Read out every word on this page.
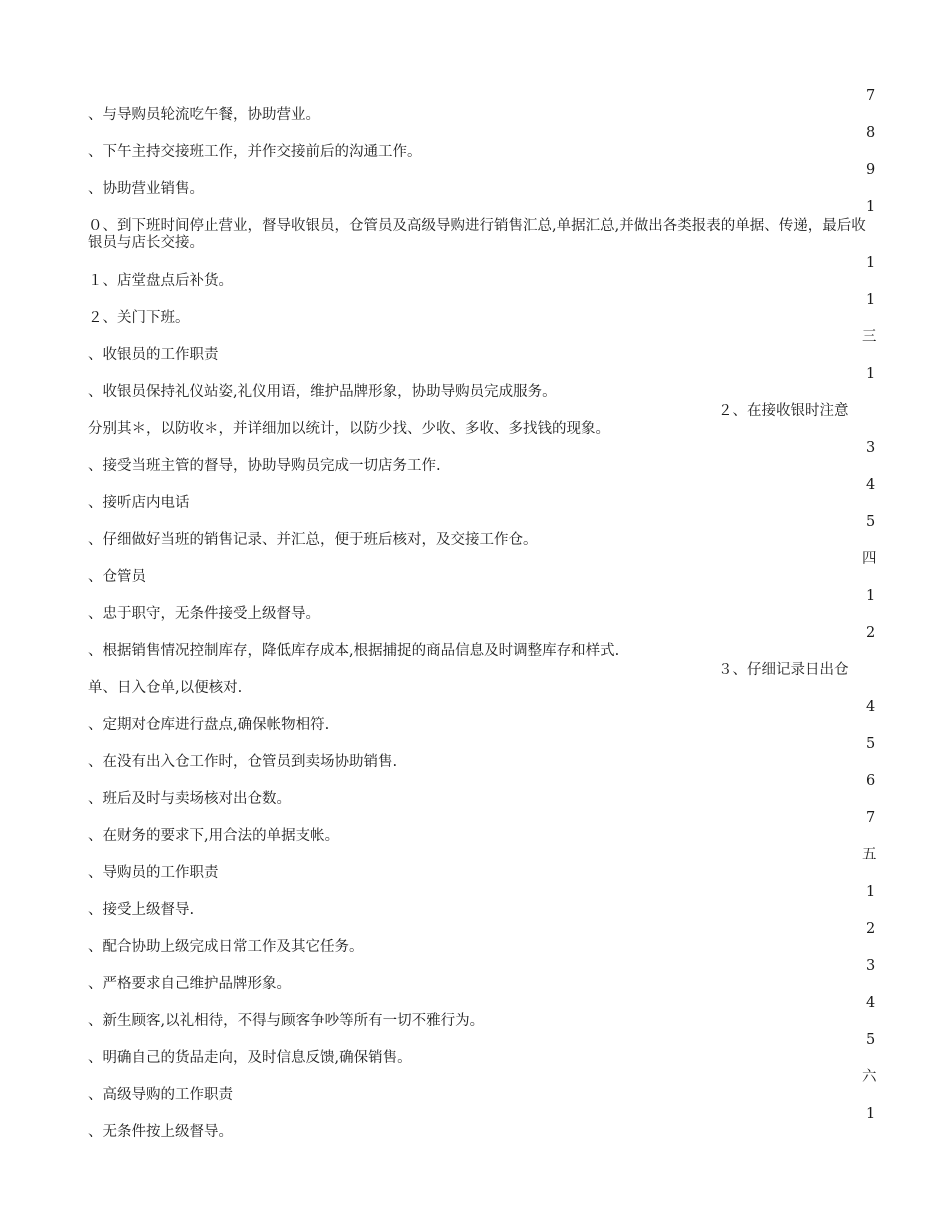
、与导购员轮流吃午餐，协助营业。
、下午主持交接班工作，并作交接前后的沟通工作。
、协助营业销售。
０、到下班时间停止营业，督导收银员，仓管员及高级导购进行销售汇总,单据汇总,并做出各类报表的单据、传递，最后收银员与店长交接。
１、店堂盘点后补货。
２、关门下班。
、收银员的工作职责
、收银员保持礼仪站姿,礼仪用语，维护品牌形象，协助导购员完成服务。
分别其＊，以防收＊，并详细加以统计，以防少找、少收、多收、多找钱的现象。
、接受当班主管的督导，协助导购员完成一切店务工作.
、接听店内电话
、仔细做好当班的销售记录、并汇总，便于班后核对，及交接工作仓。
、仓管员
、忠于职守，无条件接受上级督导。
、根据销售情况控制库存，降低库存成本,根据捕捉的商品信息及时调整库存和样式.
单、日入仓单,以便核对.
、定期对仓库进行盘点,确保帐物相符.
、在没有出入仓工作时，仓管员到卖场协助销售.
、班后及时与卖场核对出仓数。
、在财务的要求下,用合法的单据支帐。
、导购员的工作职责
、接受上级督导.
、配合协助上级完成日常工作及其它任务。
、严格要求自己维护品牌形象。
、新生顾客,以礼相待，不得与顾客争吵等所有一切不雅行为。
、明确自己的货品走向，及时信息反馈,确保销售。
、高级导购的工作职责
、无条件按上级督导。
7
8
9
1
1
1
三
1
3
4
5
四
1
2
4
5
6
7
五
1
2
3
4
5
六
1
２、在接收银时注意
３、仔细记录日出仓
